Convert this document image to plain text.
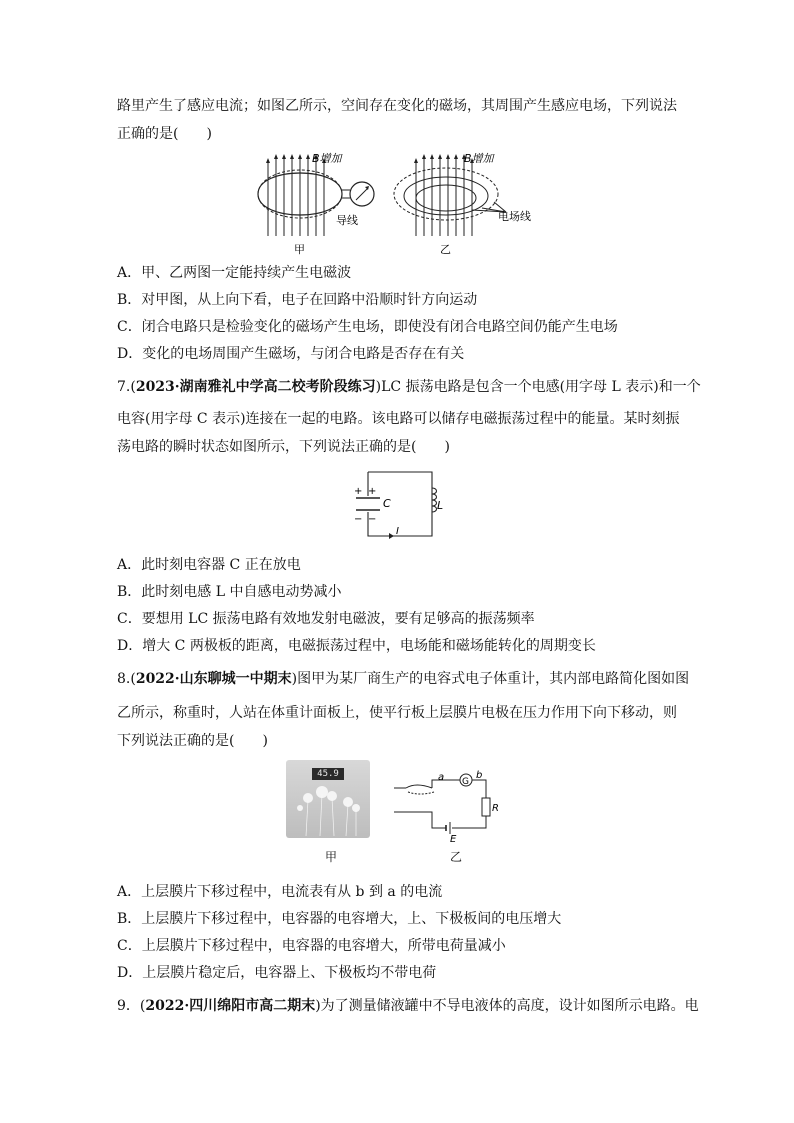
路里产生了感应电流；如图乙所示，空间存在变化的磁场，其周围产生感应电场，下列说法
正确的是(　　)
B增加
导线
甲
B增加
电场线
乙
A．甲、乙两图一定能持续产生电磁波
B．对甲图，从上向下看，电子在回路中沿顺时针方向运动
C．闭合电路只是检验变化的磁场产生电场，即使没有闭合电路空间仍能产生电场
D．变化的电场周围产生磁场，与闭合电路是否存在有关
7.(2023·湖南雅礼中学高二校考阶段练习)LC 振荡电路是包含一个电感(用字母 L 表示)和一个
电容(用字母 C 表示)连接在一起的电路。该电路可以储存电磁振荡过程中的能量。某时刻振
荡电路的瞬时状态如图所示，下列说法正确的是(　　)
+ +
− −
C	L
I
A．此时刻电容器 C 正在放电
B．此时刻电感 L 中自感电动势减小
C．要想用 LC 振荡电路有效地发射电磁波，要有足够高的振荡频率
D．增大 C 两极板的距离，电磁振荡过程中，电场能和磁场能转化的周期变长
8.(2022·山东聊城一中期末)图甲为某厂商生产的电容式电子体重计，其内部电路简化图如图
乙所示，称重时，人站在体重计面板上，使平行板上层膜片电极在压力作用下向下移动，则
下列说法正确的是(　　)
45.9
甲
G
a	b
R
E
乙
A．上层膜片下移过程中，电流表有从 b 到 a 的电流
B．上层膜片下移过程中，电容器的电容增大，上、下极板间的电压增大
C．上层膜片下移过程中，电容器的电容增大，所带电荷量减小
D．上层膜片稳定后，电容器上、下极板均不带电荷
9．(2022·四川绵阳市高二期末)为了测量储液罐中不导电液体的高度，设计如图所示电路。电
